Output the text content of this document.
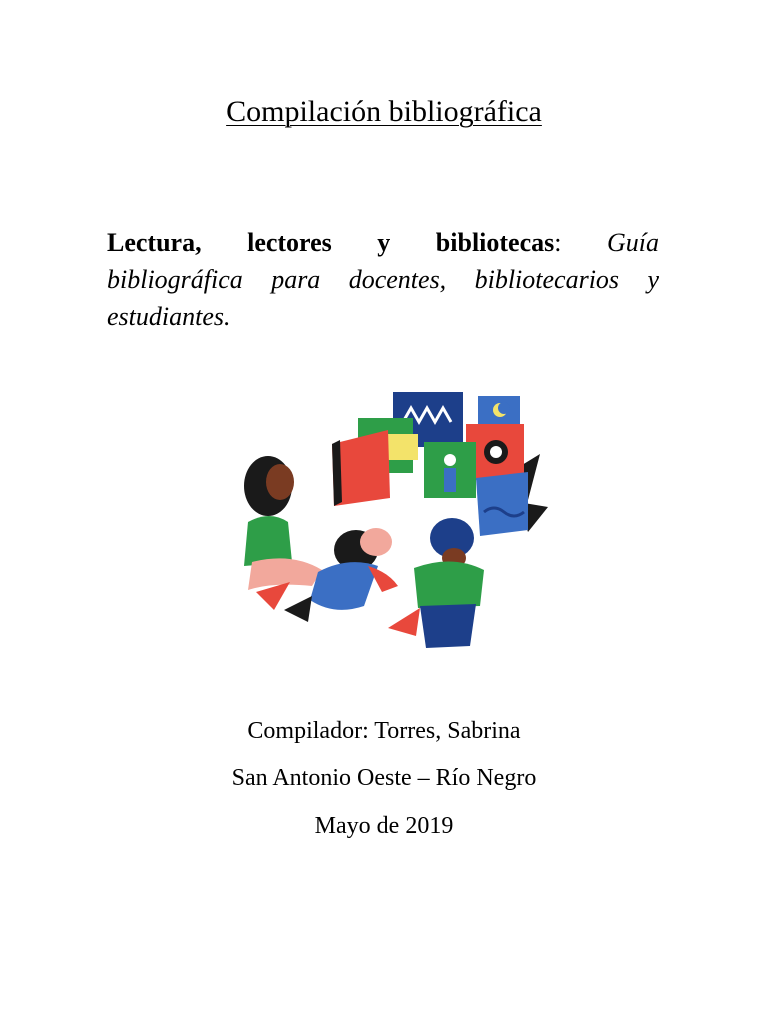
Compilación bibliográfica
Lectura, lectores y bibliotecas: Guía
bibliográfica para docentes, bibliotecarios y
estudiantes.
Compilador: Torres, Sabrina
San Antonio Oeste – Río Negro
Mayo de 2019
